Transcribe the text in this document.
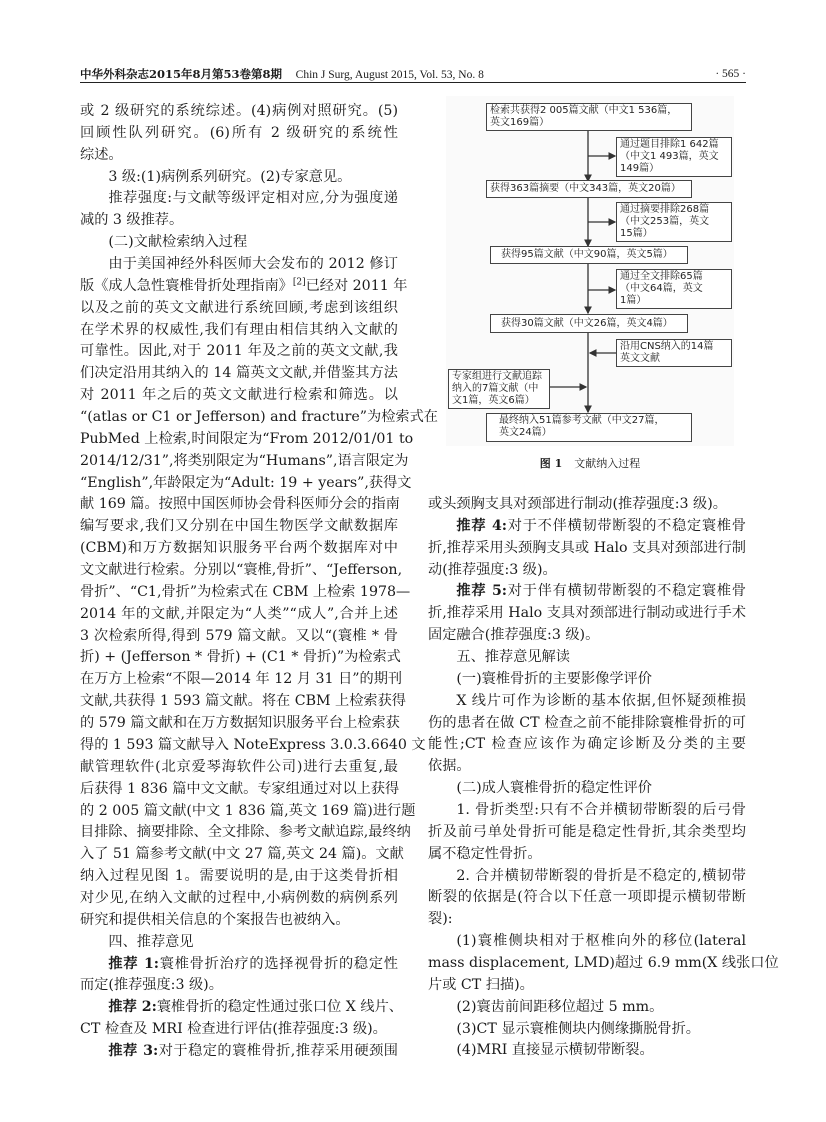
中华外科杂志2015年8月第53卷第8期 Chin J Surg, August 2015, Vol. 53, No. 8	· 565 ·
或 2 级研究的系统综述。(4)病例对照研究。(5)
回顾性队列研究。(6)所有 2 级研究的系统性
综述。
3 级:(1)病例系列研究。(2)专家意见。
推荐强度:与文献等级评定相对应,分为强度递
减的 3 级推荐。
(二)文献检索纳入过程
由于美国神经外科医师大会发布的 2012 修订
版《成人急性寰椎骨折处理指南》[2]已经对 2011 年
以及之前的英文文献进行系统回顾,考虑到该组织
在学术界的权威性,我们有理由相信其纳入文献的
可靠性。因此,对于 2011 年及之前的英文文献,我
们决定沿用其纳入的 14 篇英文文献,并借鉴其方法
对 2011 年之后的英文文献进行检索和筛选。以
“(atlas or C1 or Jefferson) and fracture”为检索式在
PubMed 上检索,时间限定为“From 2012/01/01 to
2014/12/31”,将类别限定为“Humans”,语言限定为
“English”,年龄限定为“Adult: 19 + years”,获得文
献 169 篇。按照中国医师协会骨科医师分会的指南
编写要求,我们又分别在中国生物医学文献数据库
(CBM)和万方数据知识服务平台两个数据库对中
文文献进行检索。分别以“寰椎,骨折”、“Jefferson,
骨折”、“C1,骨折”为检索式在 CBM 上检索 1978—
2014 年的文献,并限定为“人类”“成人”,合并上述
3 次检索所得,得到 579 篇文献。又以“(寰椎 * 骨
折) + (Jefferson * 骨折) + (C1 * 骨折)”为检索式
在万方上检索“不限—2014 年 12 月 31 日”的期刊
文献,共获得 1 593 篇文献。将在 CBM 上检索获得
的 579 篇文献和在万方数据知识服务平台上检索获
得的 1 593 篇文献导入 NoteExpress 3.0.3.6640 文
献管理软件(北京爱琴海软件公司)进行去重复,最
后获得 1 836 篇中文文献。专家组通过对以上获得
的 2 005 篇文献(中文 1 836 篇,英文 169 篇)进行题
目排除、摘要排除、全文排除、参考文献追踪,最终纳
入了 51 篇参考文献(中文 27 篇,英文 24 篇)。文献
纳入过程见图 1。需要说明的是,由于这类骨折相
对少见,在纳入文献的过程中,小病例数的病例系列
研究和提供相关信息的个案报告也被纳入。
四、推荐意见
推荐 1:寰椎骨折治疗的选择视骨折的稳定性
而定(推荐强度:3 级)。
推荐 2:寰椎骨折的稳定性通过张口位 X 线片、
CT 检查及 MRI 检查进行评估(推荐强度:3 级)。
推荐 3:对于稳定的寰椎骨折,推荐采用硬颈围
或头颈胸支具对颈部进行制动(推荐强度:3 级)。
推荐 4:对于不伴横韧带断裂的不稳定寰椎骨
折,推荐采用头颈胸支具或 Halo 支具对颈部进行制
动(推荐强度:3 级)。
推荐 5:对于伴有横韧带断裂的不稳定寰椎骨
折,推荐采用 Halo 支具对颈部进行制动或进行手术
固定融合(推荐强度:3 级)。
五、推荐意见解读
(一)寰椎骨折的主要影像学评价
X 线片可作为诊断的基本依据,但怀疑颈椎损
伤的患者在做 CT 检查之前不能排除寰椎骨折的可
能性;CT 检查应该作为确定诊断及分类的主要
依据。
(二)成人寰椎骨折的稳定性评价
1. 骨折类型:只有不合并横韧带断裂的后弓骨
折及前弓单处骨折可能是稳定性骨折,其余类型均
属不稳定性骨折。
2. 合并横韧带断裂的骨折是不稳定的,横韧带
断裂的依据是(符合以下任意一项即提示横韧带断
裂):
(1)寰椎侧块相对于枢椎向外的移位(lateral
mass displacement, LMD)超过 6.9 mm(X 线张口位
片或 CT 扫描)。
(2)寰齿前间距移位超过 5 mm。
(3)CT 显示寰椎侧块内侧缘撕脱骨折。
(4)MRI 直接显示横韧带断裂。
检索共获得2 005篇文献（中文1 536篇，
英文169篇）
获得363篇摘要（中文343篇，英文20篇）
获得95篇文献（中文90篇，英文5篇）
获得30篇文献（中文26篇，英文4篇）
最终纳入51篇参考文献（中文27篇，
英文24篇）
通过题目排除1 642篇
（中文1 493篇，英文
149篇）
通过摘要排除268篇
（中文253篇，英文
15篇）
通过全文排除65篇
（中文64篇，英文
1篇）
沿用CNS纳入的14篇
英文文献
专家组进行文献追踪
纳入的7篇文献（中
文1篇，英文6篇）
图 1 文献纳入过程
